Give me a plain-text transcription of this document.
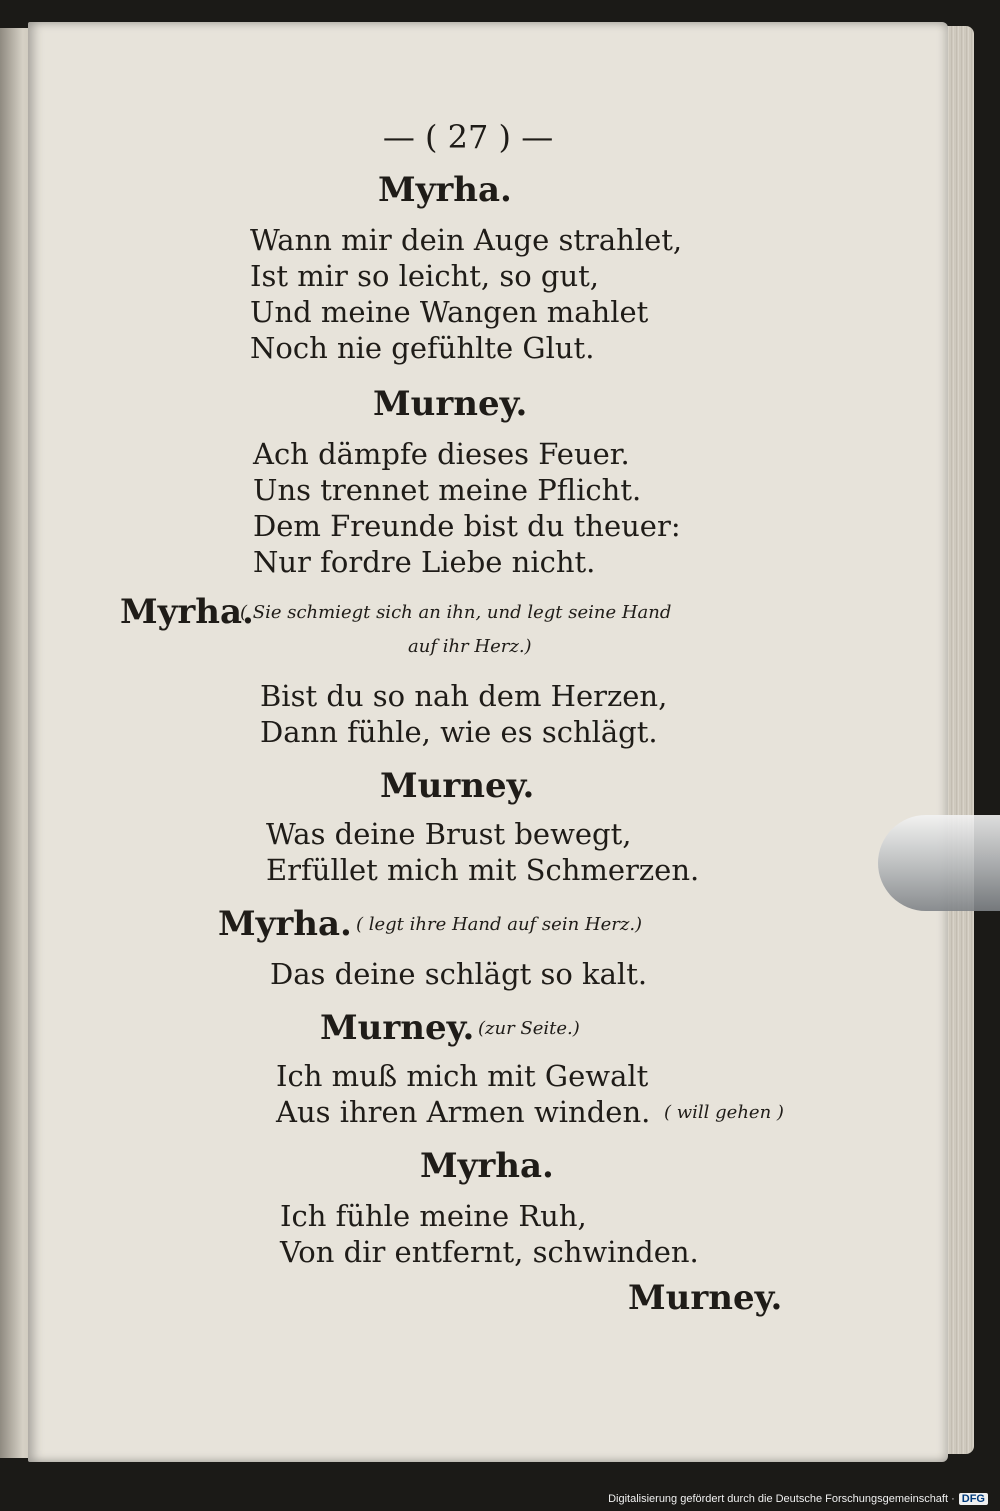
— ( 27 ) —
Myrha.
Wann mir dein Auge strahlet,
Ist mir so leicht, so gut,
Und meine Wangen mahlet
Noch nie gefühlte Glut.
Murney.
Ach dämpfe dieses Feuer.
Uns trennet meine Pflicht.
Dem Freunde bist du theuer:
Nur fordre Liebe nicht.
Myrha.
( Sie schmiegt sich an ihn, und legt seine Hand
auf ihr Herz.)
Bist du so nah dem Herzen,
Dann fühle, wie es schlägt.
Murney.
Was deine Brust bewegt,
Erfüllet mich mit Schmerzen.
Myrha. ( legt ihre Hand auf sein Herz.)
Das deine schlägt so kalt.
Murney. (zur Seite.)
Ich muß mich mit Gewalt
Aus ihren Armen winden. ( will gehen )
Myrha.
Ich fühle meine Ruh,
Von dir entfernt, schwinden.
Murney.
Digitalisierung gefördert durch die Deutsche Forschungsgemeinschaft · DFG
